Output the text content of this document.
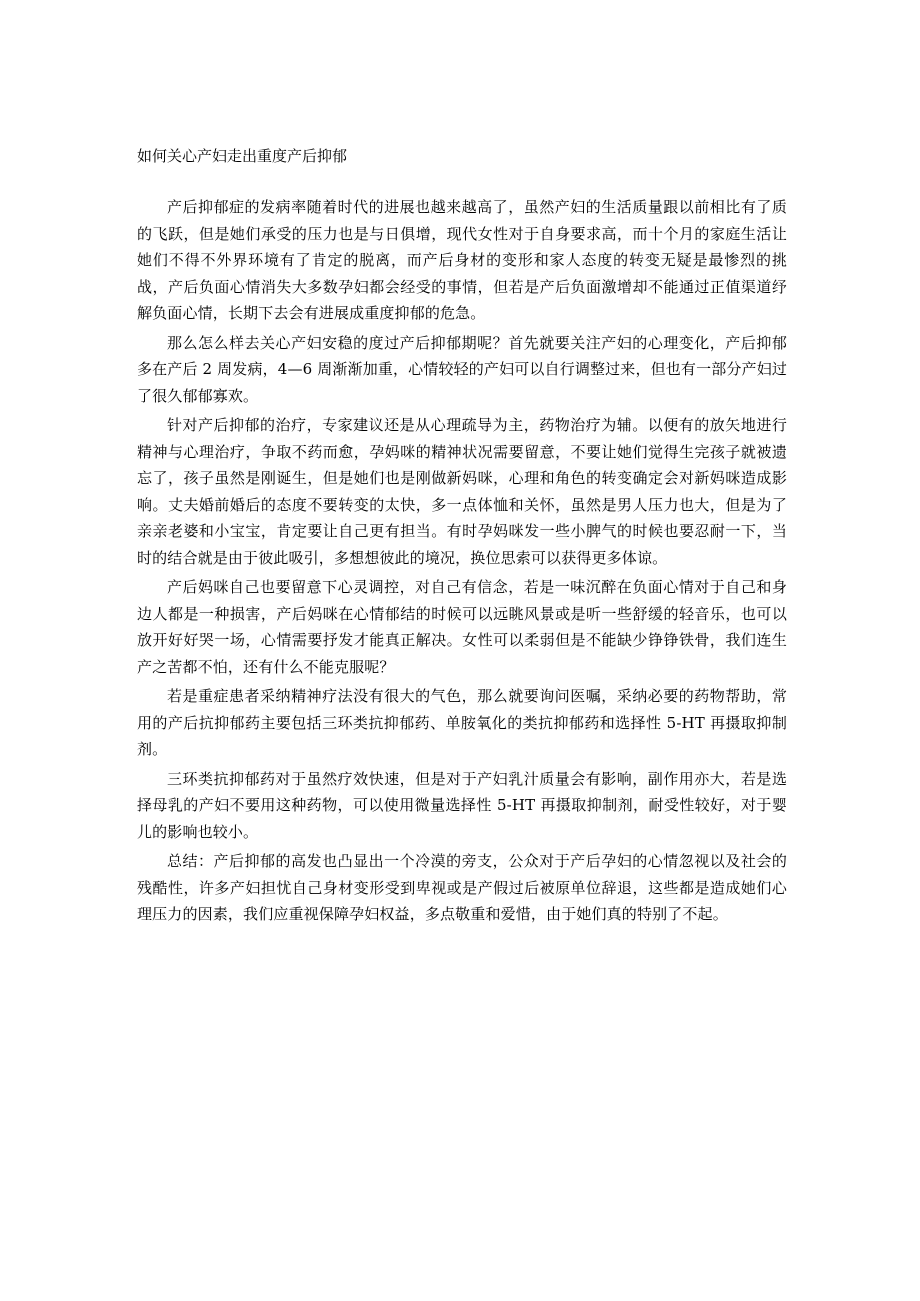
如何关心产妇走出重度产后抑郁

产后抑郁症的发病率随着时代的进展也越来越高了，虽然产妇的生活质量跟以前相比有了质的飞跃，但是她们承受的压力也是与日俱增，现代女性对于自身要求高，而十个月的家庭生活让她们不得不外界环境有了肯定的脱离，而产后身材的变形和家人态度的转变无疑是最惨烈的挑战，产后负面心情消失大多数孕妇都会经受的事情，但若是产后负面激增却不能通过正值渠道纾解负面心情，长期下去会有进展成重度抑郁的危急。

那么怎么样去关心产妇安稳的度过产后抑郁期呢？首先就要关注产妇的心理变化，产后抑郁多在产后 2 周发病，4—6 周渐渐加重，心情较轻的产妇可以自行调整过来，但也有一部分产妇过了很久郁郁寡欢。

针对产后抑郁的治疗，专家建议还是从心理疏导为主，药物治疗为辅。以便有的放矢地进行精神与心理治疗，争取不药而愈，孕妈咪的精神状况需要留意，不要让她们觉得生完孩子就被遗忘了，孩子虽然是刚诞生，但是她们也是刚做新妈咪，心理和角色的转变确定会对新妈咪造成影响。丈夫婚前婚后的态度不要转变的太快，多一点体恤和关怀，虽然是男人压力也大，但是为了亲亲老婆和小宝宝，肯定要让自己更有担当。有时孕妈咪发一些小脾气的时候也要忍耐一下，当时的结合就是由于彼此吸引，多想想彼此的境况，换位思索可以获得更多体谅。

产后妈咪自己也要留意下心灵调控，对自己有信念，若是一味沉醉在负面心情对于自己和身边人都是一种损害，产后妈咪在心情郁结的时候可以远眺风景或是听一些舒缓的轻音乐，也可以放开好好哭一场，心情需要抒发才能真正解决。女性可以柔弱但是不能缺少铮铮铁骨，我们连生产之苦都不怕，还有什么不能克服呢？

若是重症患者采纳精神疗法没有很大的气色，那么就要询问医嘱，采纳必要的药物帮助，常用的产后抗抑郁药主要包括三环类抗抑郁药、单胺氧化的类抗抑郁药和选择性 5-HT 再摄取抑制剂。

三环类抗抑郁药对于虽然疗效快速，但是对于产妇乳汁质量会有影响，副作用亦大，若是选择母乳的产妇不要用这种药物，可以使用微量选择性 5-HT 再摄取抑制剂，耐受性较好，对于婴儿的影响也较小。

总结：产后抑郁的高发也凸显出一个冷漠的旁支，公众对于产后孕妇的心情忽视以及社会的残酷性，许多产妇担忧自己身材变形受到卑视或是产假过后被原单位辞退，这些都是造成她们心理压力的因素，我们应重视保障孕妇权益，多点敬重和爱惜，由于她们真的特别了不起。
